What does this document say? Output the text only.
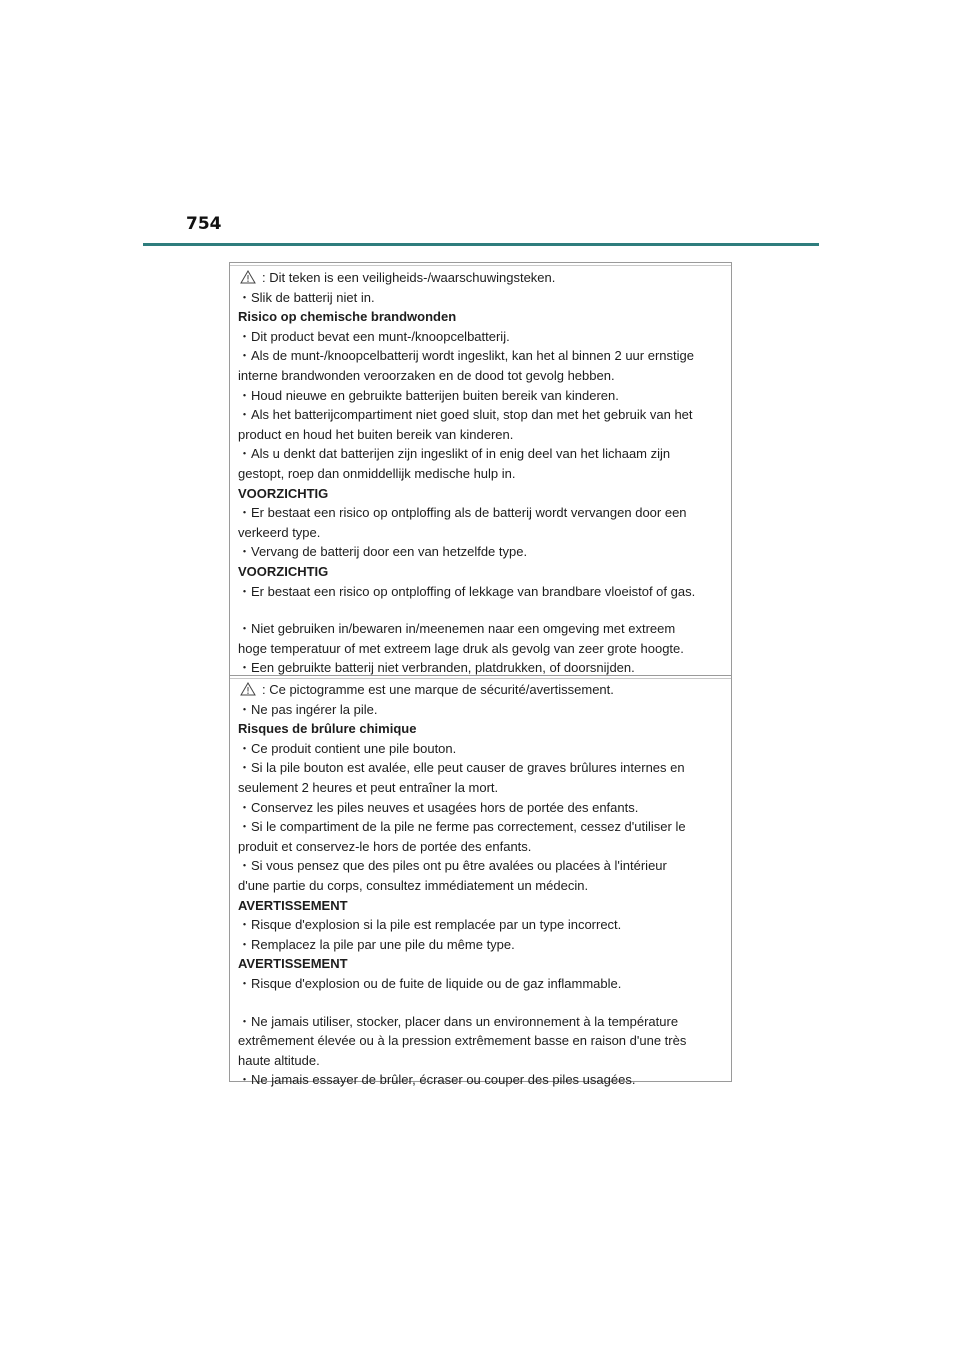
754
: Dit teken is een veiligheids-/waarschuwingsteken.
・Slik de batterij niet in.
Risico op chemische brandwonden
・Dit product bevat een munt-/knoopcelbatterij.
・Als de munt-/knoopcelbatterij wordt ingeslikt, kan het al binnen 2 uur ernstige
interne brandwonden veroorzaken en de dood tot gevolg hebben.
・Houd nieuwe en gebruikte batterijen buiten bereik van kinderen.
・Als het batterijcompartiment niet goed sluit, stop dan met het gebruik van het
product en houd het buiten bereik van kinderen.
・Als u denkt dat batterijen zijn ingeslikt of in enig deel van het lichaam zijn
gestopt, roep dan onmiddellijk medische hulp in.
VOORZICHTIG
・Er bestaat een risico op ontploffing als de batterij wordt vervangen door een
verkeerd type.
・Vervang de batterij door een van hetzelfde type.
VOORZICHTIG
・Er bestaat een risico op ontploffing of lekkage van brandbare vloeistof of gas.
・Niet gebruiken in/bewaren in/meenemen naar een omgeving met extreem
hoge temperatuur of met extreem lage druk als gevolg van zeer grote hoogte.
・Een gebruikte batterij niet verbranden, platdrukken, of doorsnijden.
: Ce pictogramme est une marque de sécurité/avertissement.
・Ne pas ingérer la pile.
Risques de brûlure chimique
・Ce produit contient une pile bouton.
・Si la pile bouton est avalée, elle peut causer de graves brûlures internes en
seulement 2 heures et peut entraîner la mort.
・Conservez les piles neuves et usagées hors de portée des enfants.
・Si le compartiment de la pile ne ferme pas correctement, cessez d'utiliser le
produit et conservez-le hors de portée des enfants.
・Si vous pensez que des piles ont pu être avalées ou placées à l'intérieur
d'une partie du corps, consultez immédiatement un médecin.
AVERTISSEMENT
・Risque d'explosion si la pile est remplacée par un type incorrect.
・Remplacez la pile par une pile du même type.
AVERTISSEMENT
・Risque d'explosion ou de fuite de liquide ou de gaz inflammable.
・Ne jamais utiliser, stocker, placer dans un environnement à la température
extrêmement élevée ou à la pression extrêmement basse en raison d'une très
haute altitude.
・Ne jamais essayer de brûler, écraser ou couper des piles usagées.
